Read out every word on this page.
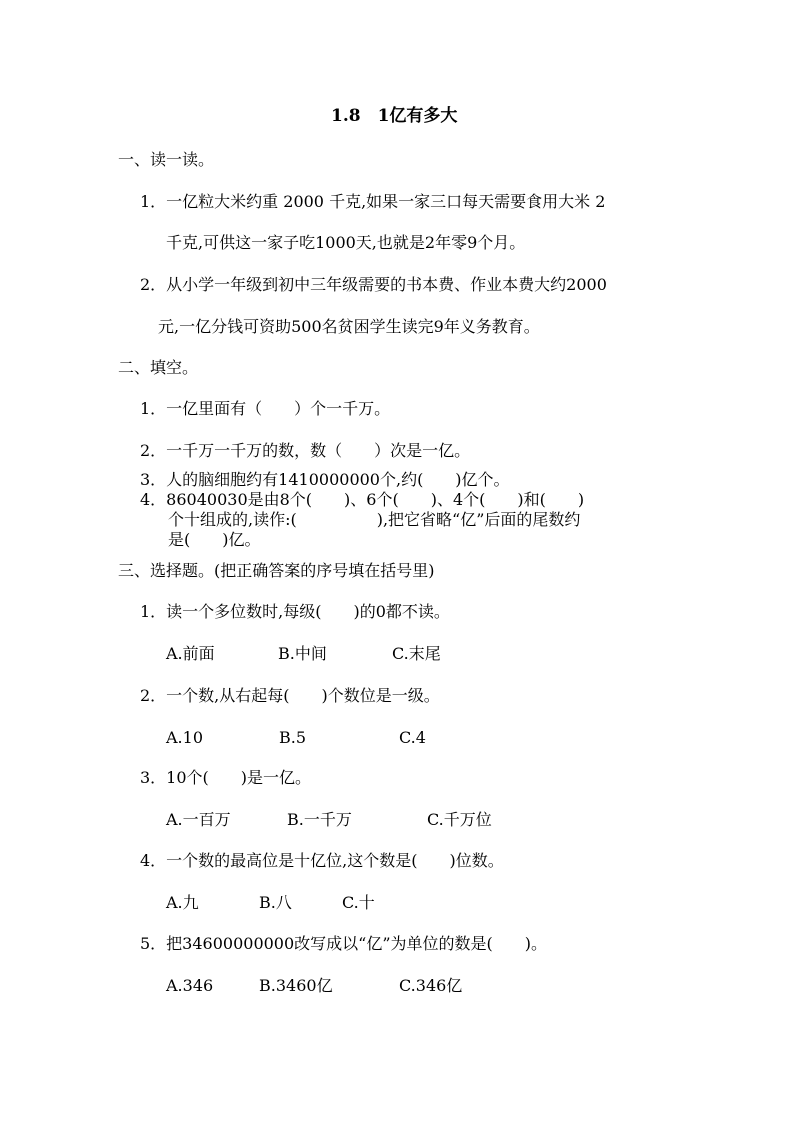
1.8　1亿有多大
一、读一读。
1．一亿粒大米约重 2000 千克,如果一家三口每天需要食用大米 2
千克,可供这一家子吃1000天,也就是2年零9个月。
2．从小学一年级到初中三年级需要的书本费、作业本费大约2000
元,一亿分钱可资助500名贫困学生读完9年义务教育。
二、填空。
1．一亿里面有（　　）个一千万。
2．一千万一千万的数，数（　　）次是一亿。
3．人的脑细胞约有1410000000个,约(　　)亿个。
4．86040030是由8个(　　)、6个(　　)、4个(　　)和(　　)
个十组成的,读作:(　　　　　),把它省略“亿”后面的尾数约
是(　　)亿。
三、选择题。(把正确答案的序号填在括号里)
1．读一个多位数时,每级(　　)的0都不读。
A.前面	B.中间	C.末尾
2．一个数,从右起每(　　)个数位是一级。
A.10	B.5	C.4
3．10个(　　)是一亿。
A.一百万	B.一千万	C.千万位
4．一个数的最高位是十亿位,这个数是(　　)位数。
A.九	B.八	C.十
5．把34600000000改写成以“亿”为单位的数是(　　)。
A.346	B.3460亿	C.346亿
